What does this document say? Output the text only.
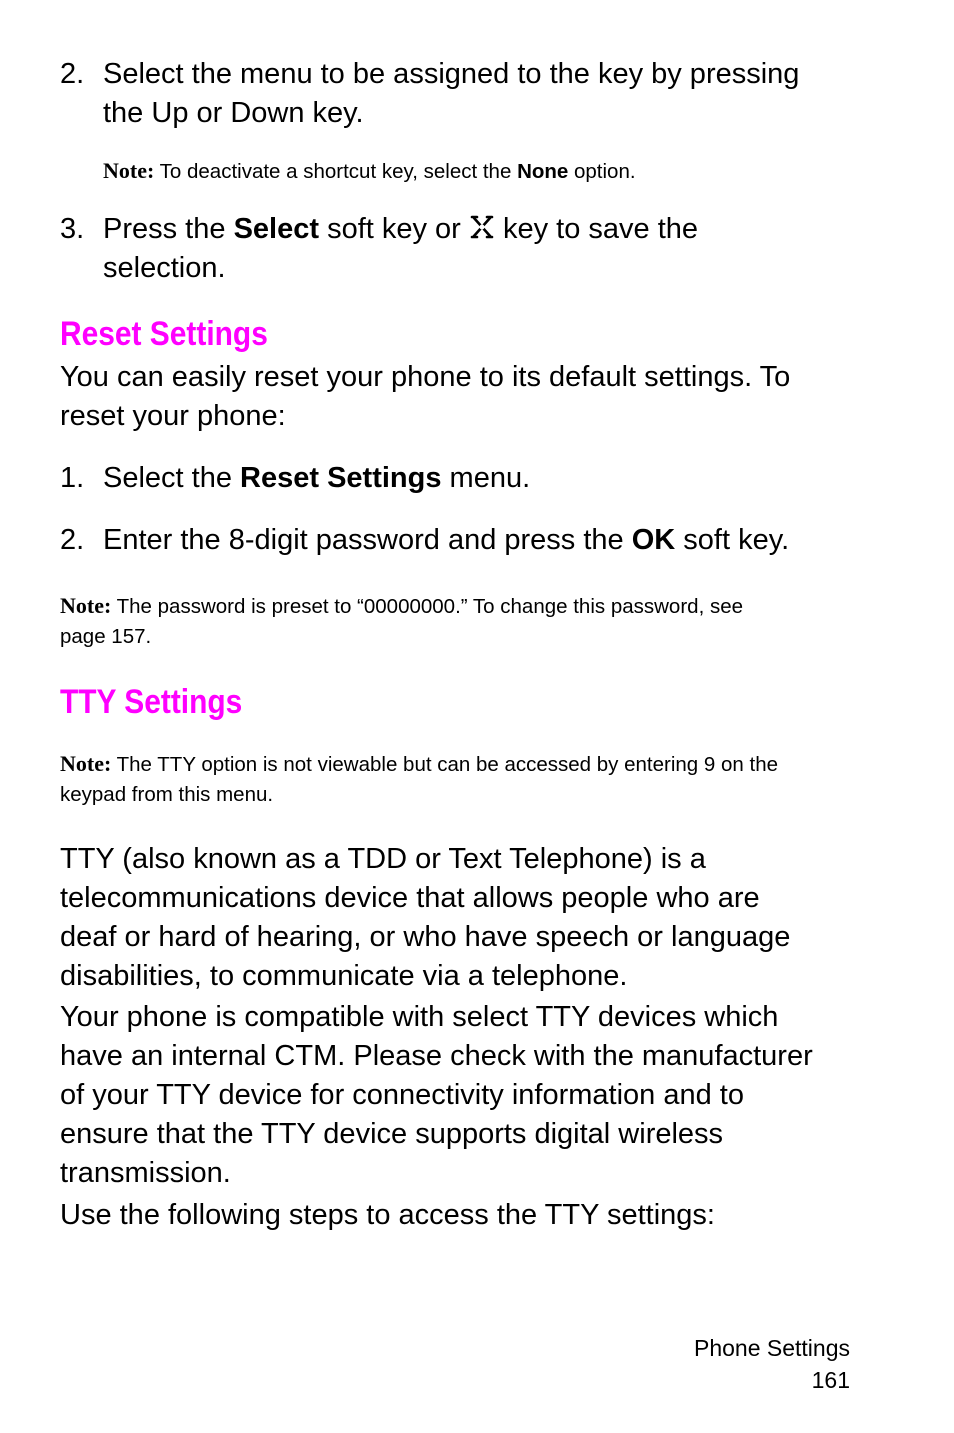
2. Select the menu to be assigned to the key by pressing
the Up or Down key.
Note: To deactivate a shortcut key, select the None option.
3. Press the Select soft key or  key to save the
selection.
Reset Settings
You can easily reset your phone to its default settings. To
reset your phone:
1. Select the Reset Settings menu.
2. Enter the 8-digit password and press the OK soft key.
Note: The password is preset to “00000000.” To change this password, see
page 157.
TTY Settings
Note: The TTY option is not viewable but can be accessed by entering 9 on the
keypad from this menu.
TTY (also known as a TDD or Text Telephone) is a
telecommunications device that allows people who are
deaf or hard of hearing, or who have speech or language
disabilities, to communicate via a telephone.
Your phone is compatible with select TTY devices which
have an internal CTM. Please check with the manufacturer
of your TTY device for connectivity information and to
ensure that the TTY device supports digital wireless
transmission.
Use the following steps to access the TTY settings:
Phone Settings
161
